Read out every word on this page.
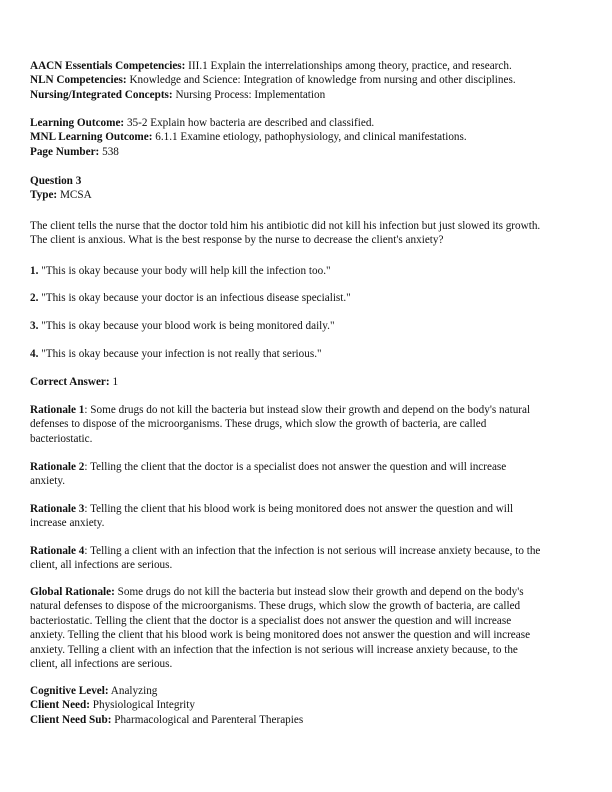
AACN Essentials Competencies: III.1 Explain the interrelationships among theory, practice, and research.
NLN Competencies: Knowledge and Science: Integration of knowledge from nursing and other disciplines.
Nursing/Integrated Concepts: Nursing Process: Implementation
Learning Outcome: 35-2 Explain how bacteria are described and classified.
MNL Learning Outcome: 6.1.1 Examine etiology, pathophysiology, and clinical manifestations.
Page Number: 538
Question 3
Type: MCSA
The client tells the nurse that the doctor told him his antibiotic did not kill his infection but just slowed its growth.
The client is anxious. What is the best response by the nurse to decrease the client's anxiety?
1. "This is okay because your body will help kill the infection too."
2. "This is okay because your doctor is an infectious disease specialist."
3. "This is okay because your blood work is being monitored daily."
4. "This is okay because your infection is not really that serious."
Correct Answer: 1
Rationale 1: Some drugs do not kill the bacteria but instead slow their growth and depend on the body's natural
defenses to dispose of the microorganisms. These drugs, which slow the growth of bacteria, are called
bacteriostatic.
Rationale 2: Telling the client that the doctor is a specialist does not answer the question and will increase
anxiety.
Rationale 3: Telling the client that his blood work is being monitored does not answer the question and will
increase anxiety.
Rationale 4: Telling a client with an infection that the infection is not serious will increase anxiety because, to the
client, all infections are serious.
Global Rationale: Some drugs do not kill the bacteria but instead slow their growth and depend on the body's
natural defenses to dispose of the microorganisms. These drugs, which slow the growth of bacteria, are called
bacteriostatic. Telling the client that the doctor is a specialist does not answer the question and will increase
anxiety. Telling the client that his blood work is being monitored does not answer the question and will increase
anxiety. Telling a client with an infection that the infection is not serious will increase anxiety because, to the
client, all infections are serious.
Cognitive Level: Analyzing
Client Need: Physiological Integrity
Client Need Sub: Pharmacological and Parenteral Therapies
